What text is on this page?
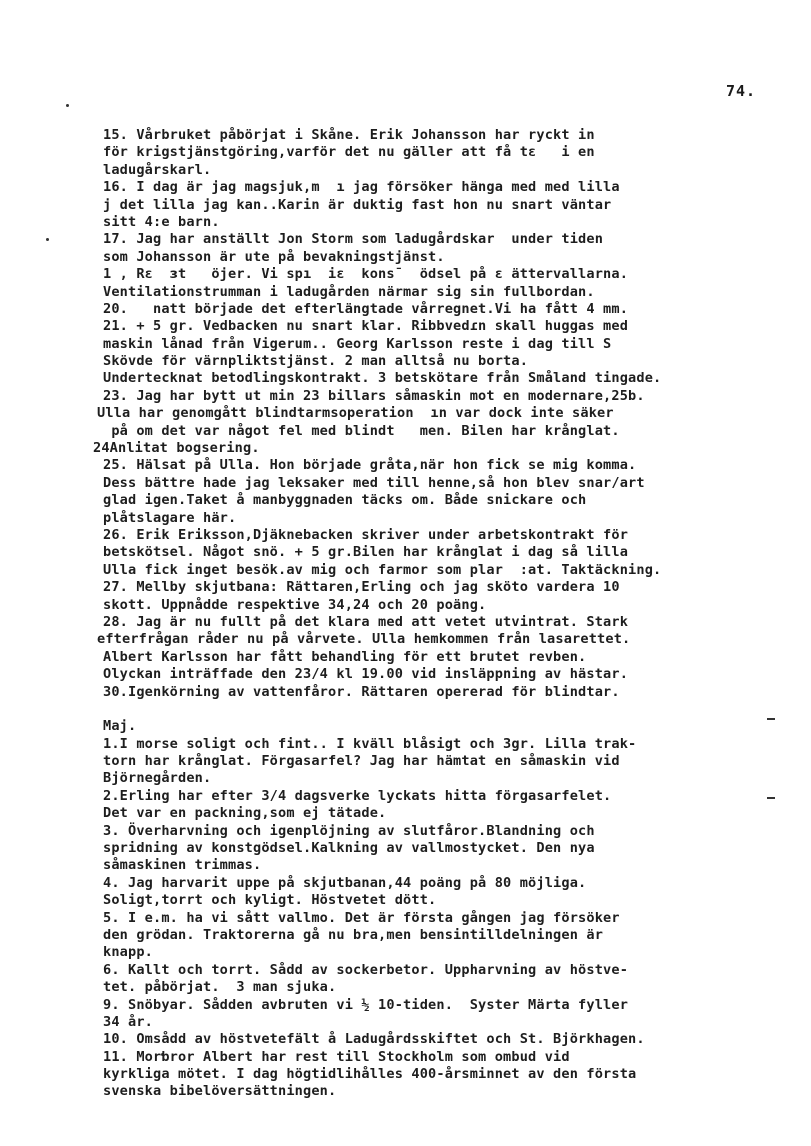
74.
15. Vårbruket påbörjat i Skåne. Erik Johansson har ryckt in
för krigstjänstgöring,varför det nu gäller att få tε   i en
ladugårskarl.
16. I dag är jag magsjuk,m  ı jag försöker hänga med med lilla
j det lilla jag kan..Karin är duktig fast hon nu snart väntar
sitt 4:e barn.
17. Jag har anställt Jon Storm som ladugårdskar  under tiden
som Johansson är ute på bevakningstjänst.
1 , Rε  ɜt   öjer. Vi spı  iε  konsˉ  ödsel på ε ättervallarna.
Ventilationstrumman i ladugården närmar sig sin fullbordan.
20.   natt började det efterlängtade vårregnet.Vi ha fått 4 mm.
21. + 5 gr. Vedbacken nu snart klar. Ribbvedɾn skall huggas med
maskin lånad från Vigerum.. Georg Karlsson reste i dag till S
Skövde för värnpliktstjänst. 2 man alltså nu borta.
Undertecknat betodlingskontrakt. 3 betskötare från Småland tingade.
23. Jag har bytt ut min 23 billars såmaskin mot en modernare,25b.
Ulla har genomgått blindtarmsoperation  ın var dock inte säker
på om det var något fel med blindt   men. Bilen har krånglat.
24Anlitat bogsering.
25. Hälsat på Ulla. Hon började gråta,när hon fick se mig komma.
Dess bättre hade jag leksaker med till henne,så hon blev snar/art
glad igen.Taket å manbyggnaden täcks om. Både snickare och
plåtslagare här.
26. Erik Eriksson,Djäknebacken skriver under arbetskontrakt för
betskötsel. Något snö. + 5 gr.Bilen har krånglat i dag så lilla
Ulla fick inget besök.av mig och farmor som plar  :at. Taktäckning.
27. Mellby skjutbana: Rättaren,Erling och jag sköto vardera 10
skott. Uppnådde respektive 34,24 och 20 poäng.
28. Jag är nu fullt på det klara med att vetet utvintrat. Stark
efterfrågan råder nu på vårvete. Ulla hemkommen från lasarettet.
Albert Karlsson har fått behandling för ett brutet revben.
Olyckan inträffade den 23/4 kl 19.00 vid insläppning av hästar.
30.Igenkörning av vattenfåror. Rättaren opererad för blindtar.
Maj.
1.I morse soligt och fint.. I kväll blåsigt och 3gr. Lilla trak-
torn har krånglat. Förgasarfel? Jag har hämtat en såmaskin vid
Björnegården.
2.Erling har efter 3/4 dagsverke lyckats hitta förgasarfelet.
Det var en packning,som ej tätade.
3. Överharvning och igenplöjning av slutfåror.Blandning och
spridning av konstgödsel.Kalkning av vallmostycket. Den nya
såmaskinen trimmas.
4. Jag harvarit uppe på skjutbanan,44 poäng på 80 möjliga.
Soligt,torrt och kyligt. Höstvetet dött.
5. I e.m. ha vi sått vallmo. Det är första gången jag försöker
den grödan. Traktorerna gå nu bra,men bensintilldelningen är
knapp.
6. Kallt och torrt. Sådd av sockerbetor. Uppharvning av höstve-
tet. påbörjat.  3 man sjuka.
9. Snöbyar. Sådden avbruten vi ½ 10-tiden.  Syster Märta fyller
34 år.
10. Omsådd av höstvetefält å Ladugårdsskiftet och St. Björkhagen.
11. Morbror Albert har rest till Stockholm som ombud vid
kyrkliga mötet. I dag högtidlihålles 400-årsminnet av den första
svenska bibelöversättningen.
